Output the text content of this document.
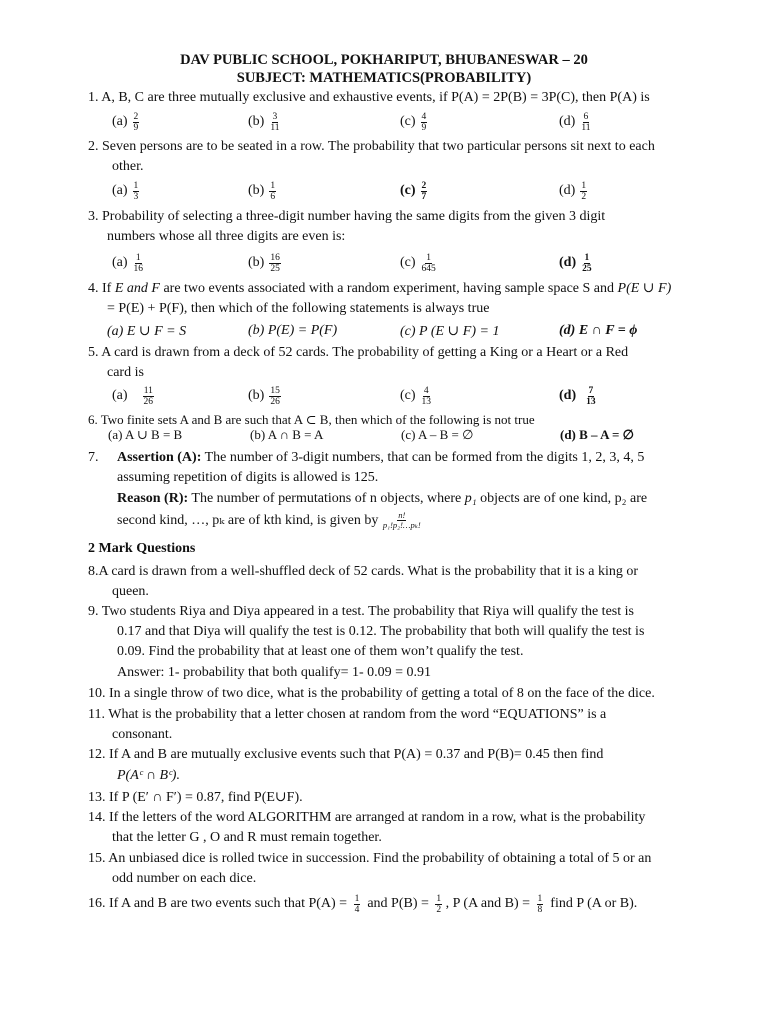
DAV PUBLIC SCHOOL, POKHARIPUT, BHUBANESWAR – 20
SUBJECT: MATHEMATICS(PROBABILITY)
1. A, B, C are three mutually exclusive and exhaustive events, if P(A) = 2P(B) = 3P(C), then P(A) is
$(a) \frac{2}{9}$	$(b) \frac{3}{11}$	$(c) \frac{4}{9}$	$(d) \frac{6}{11}$
2. Seven persons are to be seated in a row. The probability that two particular persons sit next to each
other.
$(a) \frac{1}{3}$	$(b) \frac{1}{6}$	$(c) \frac{2}{7}$	$(d) \frac{1}{2}$
3. Probability of selecting a three-digit number having the same digits from the given 3 digit
numbers whose all three digits are even is:
$(a) \frac{1}{16}$	$(b) \frac{16}{25}$	$(c) \frac{1}{645}$	$(d) \frac{1}{25}$
4. If E and F are two events associated with a random experiment, having sample space S and P(E ∪ F)
= P(E) + P(F), then which of the following statements is always true
(a) E ∪ F = S	(b) P(E) = P(F)	(c) P (E ∪ F) = 1	(d) E ∩ F = ϕ
5. A card is drawn from a deck of 52 cards. The probability of getting a King or a Heart or a Red
card is
$(a) \frac{11}{26}$	$(b) \frac{15}{26}$	$(c) \frac{4}{13}$	$(d) \frac{7}{13}$
6. Two finite sets A and B are such that A ⊂ B, then which of the following is not true
(a) A ∪ B = B	(b) A ∩ B = A	(c) A – B = ∅	(d) B – A = ∅
7. Assertion (A): The number of 3-digit numbers, that can be formed from the digits 1, 2, 3, 4, 5
assuming repetition of digits is allowed is 125.
Reason (R): The number of permutations of n objects, where p₁ objects are of one kind, p₂ are
second kind, …, pₖ are of kth kind, is given by $\frac{n!}{\text{p₁!p₂!…pₖ!}}$
2 Mark Questions
8.A card is drawn from a well-shuffled deck of 52 cards. What is the probability that it is a king or
queen.
9. Two students Riya and Diya appeared in a test. The probability that Riya will qualify the test is
0.17 and that Diya will qualify the test is 0.12. The probability that both will qualify the test is
0.09. Find the probability that at least one of them won’t qualify the test.
Answer: 1- probability that both qualify= 1- 0.09 = 0.91
10. In a single throw of two dice, what is the probability of getting a total of 8 on the face of the dice.
11. What is the probability that a letter chosen at random from the word “EQUATIONS” is a
consonant.
12. If A and B are mutually exclusive events such that P(A) = 0.37 and P(B)= 0.45 then find
P(Aᶜ ∩ Bᶜ).
13. If P (E′ ∩ F′) = 0.87, find P(E∪F).
14. If the letters of the word ALGORITHM are arranged at random in a row, what is the probability
that the letter G , O and R must remain together.
15. An unbiased dice is rolled twice in succession. Find the probability of obtaining a total of 5 or an
odd number on each dice.
16. If A and B are two events such that $P(A) = \frac{1}{4}$ and $P(B) = \frac{1}{2}$ , P (A and $B) = \frac{1}{8}$ find P (A or B).
